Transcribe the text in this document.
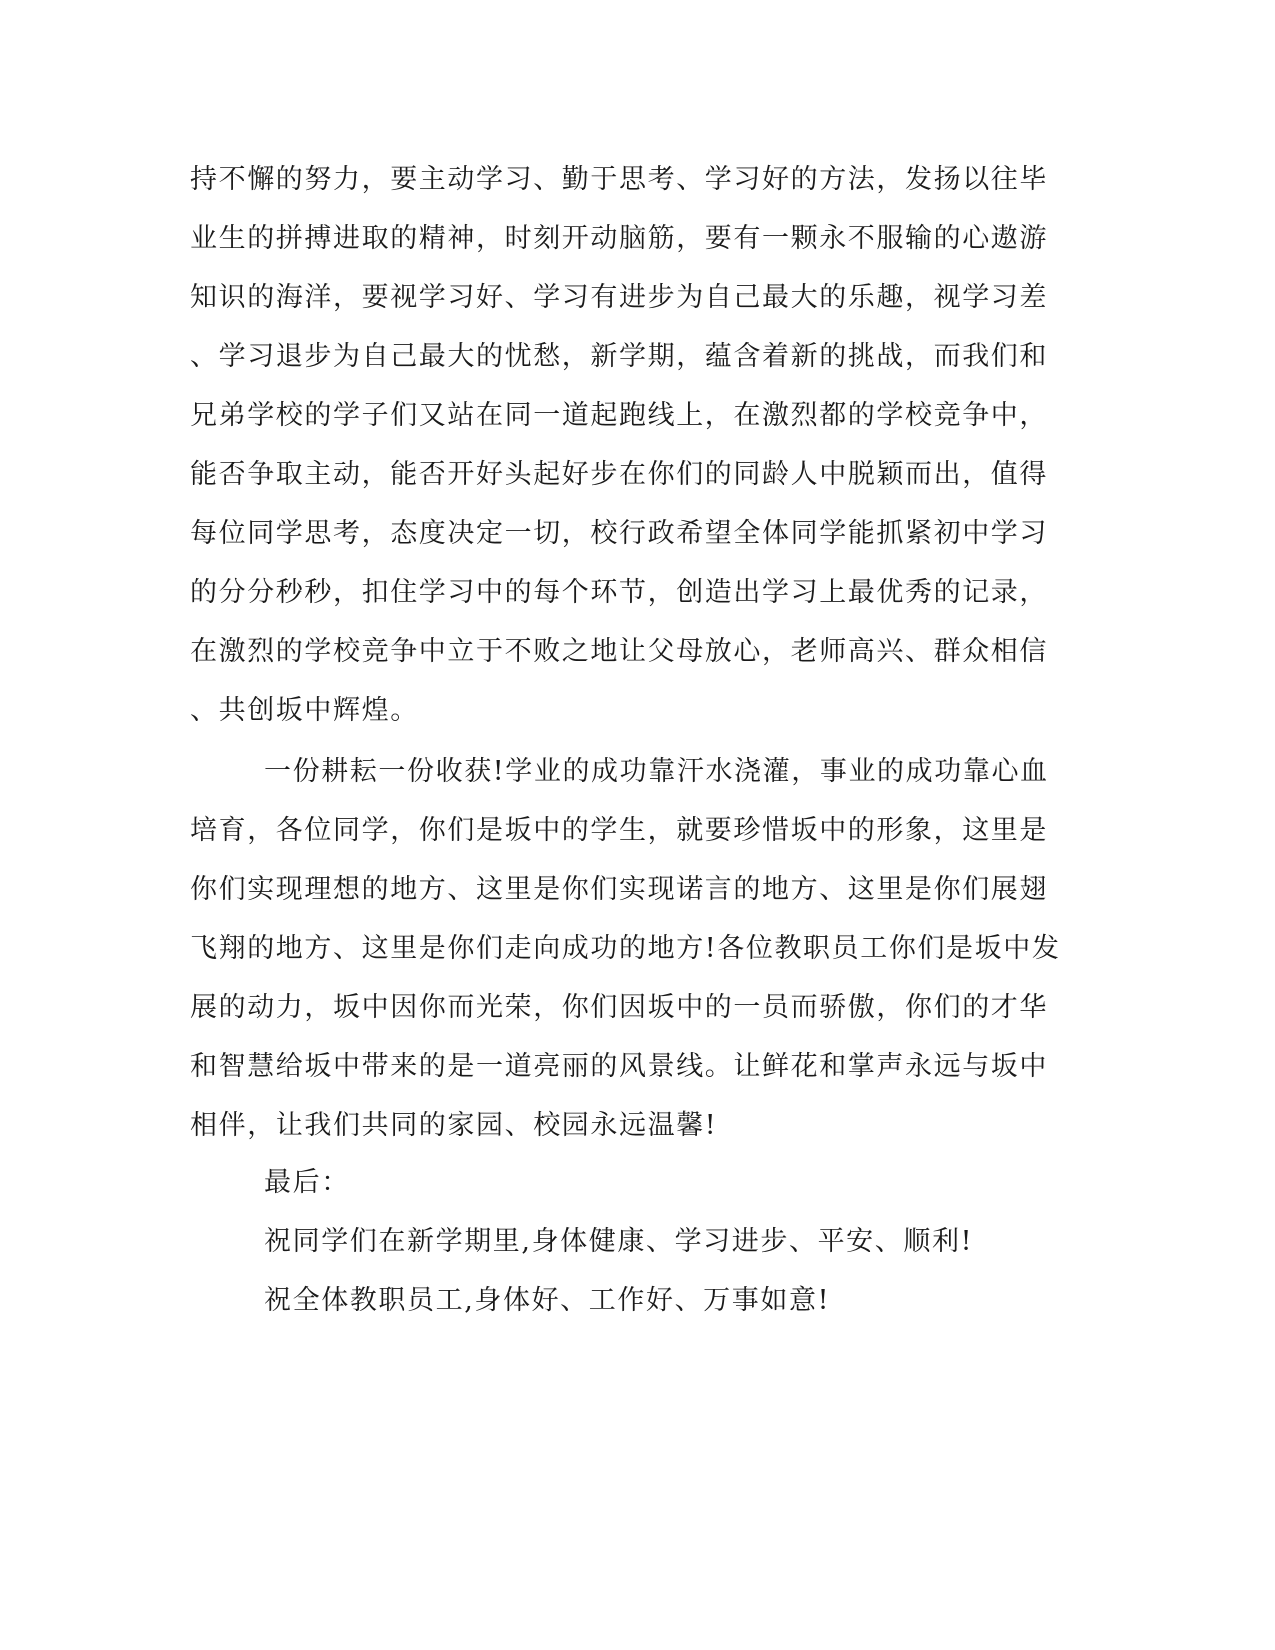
持不懈的努力，要主动学习、勤于思考、学习好的方法，发扬以往毕
业生的拼搏进取的精神，时刻开动脑筋，要有一颗永不服输的心遨游
知识的海洋，要视学习好、学习有进步为自己最大的乐趣，视学习差
、学习退步为自己最大的忧愁，新学期，蕴含着新的挑战，而我们和
兄弟学校的学子们又站在同一道起跑线上，在激烈都的学校竞争中，
能否争取主动，能否开好头起好步在你们的同龄人中脱颖而出，值得
每位同学思考，态度决定一切，校行政希望全体同学能抓紧初中学习
的分分秒秒，扣住学习中的每个环节，创造出学习上最优秀的记录，
在激烈的学校竞争中立于不败之地让父母放心，老师高兴、群众相信
、共创坂中辉煌。
一份耕耘一份收获!学业的成功靠汗水浇灌，事业的成功靠心血
培育，各位同学，你们是坂中的学生，就要珍惜坂中的形象，这里是
你们实现理想的地方、这里是你们实现诺言的地方、这里是你们展翅
飞翔的地方、这里是你们走向成功的地方!各位教职员工你们是坂中发
展的动力，坂中因你而光荣，你们因坂中的一员而骄傲，你们的才华
和智慧给坂中带来的是一道亮丽的风景线。让鲜花和掌声永远与坂中
相伴，让我们共同的家园、校园永远温馨!
最后：
祝同学们在新学期里,身体健康、学习进步、平安、顺利!
祝全体教职员工,身体好、工作好、万事如意!
